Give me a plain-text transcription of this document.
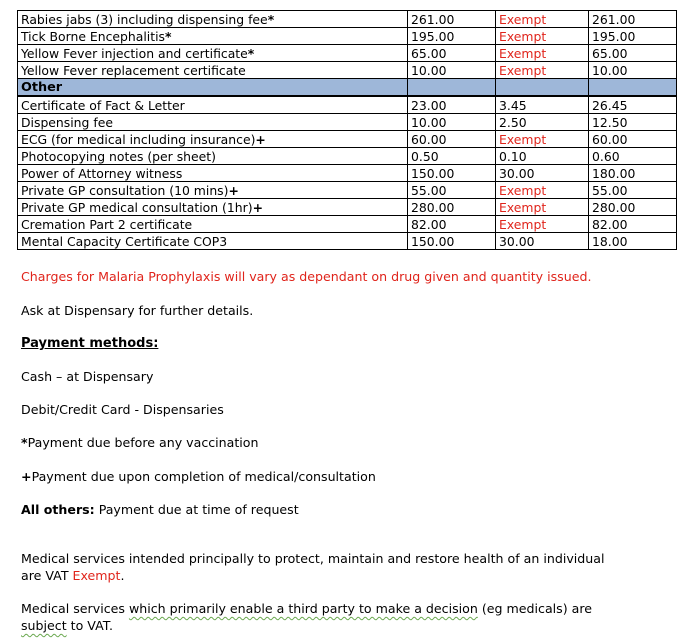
Rabies jabs (3) including dispensing fee*	261.00	Exempt	261.00
Tick Borne Encephalitis*	195.00	Exempt	195.00
Yellow Fever injection and certificate*	65.00	Exempt	65.00
Yellow Fever replacement certificate	10.00	Exempt	10.00
Other			
Certificate of Fact & Letter	23.00	3.45	26.45
Dispensing fee	10.00	2.50	12.50
ECG (for medical including insurance)+	60.00	Exempt	60.00
Photocopying notes (per sheet)	0.50	0.10	0.60
Power of Attorney witness	150.00	30.00	180.00
Private GP consultation (10 mins)+	55.00	Exempt	55.00
Private GP medical consultation (1hr)+	280.00	Exempt	280.00
Cremation Part 2 certificate	82.00	Exempt	82.00
Mental Capacity Certificate COP3	150.00	30.00	18.00

Charges for Malaria Prophylaxis will vary as dependant on drug given and quantity issued.

Ask at Dispensary for further details.

Payment methods:

Cash – at Dispensary

Debit/Credit Card - Dispensaries

*Payment due before any vaccination

+Payment due upon completion of medical/consultation

All others: Payment due at time of request

Medical services intended principally to protect, maintain and restore health of an individual

are VAT Exempt.

Medical services which primarily enable a third party to make a decision (eg medicals) are

subject to VAT.
